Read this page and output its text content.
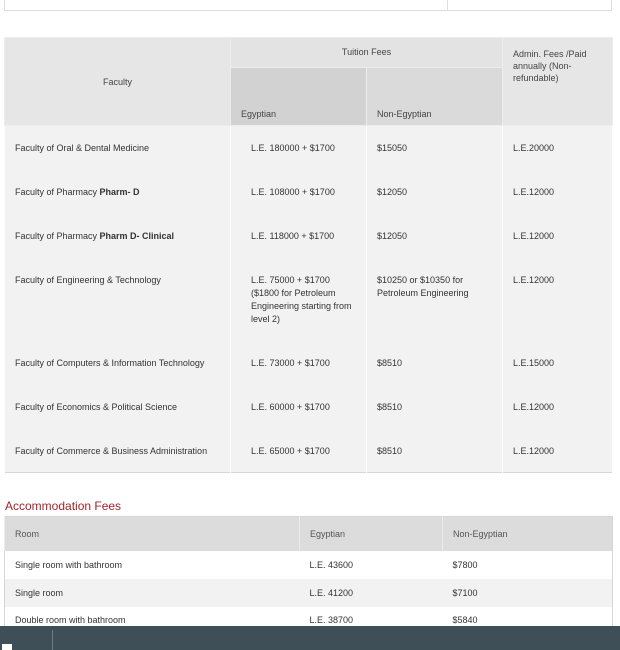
Faculty	Tuition Fees		Admin. Fees /Paid annually (Non-refundable)
	Egyptian	Non-Egyptian	
Faculty of Oral & Dental Medicine	L.E. 180000 + $1700	$15050	L.E.20000
Faculty of Pharmacy Pharm- D	L.E. 108000 + $1700	$12050	L.E.12000
Faculty of Pharmacy Pharm D- Clinical	L.E. 118000 + $1700	$12050	L.E.12000
Faculty of Engineering & Technology	L.E. 75000 + $1700 ($1800 for Petroleum Engineering starting from level 2)	$10250 or $10350 for Petroleum Engineering	L.E.12000
Faculty of Computers & Information Technology	L.E. 73000 + $1700	$8510	L.E.15000
Faculty of Economics & Political Science	L.E. 60000 + $1700	$8510	L.E.12000
Faculty of Commerce & Business Administration	L.E. 65000 + $1700	$8510	L.E.12000
Accommodation Fees
Room	Egyptian	Non-Egyptian
Single room with bathroom	L.E. 43600	$7800
Single room	L.E. 41200	$7100
Double room with bathroom	L.E. 38700	$5840
